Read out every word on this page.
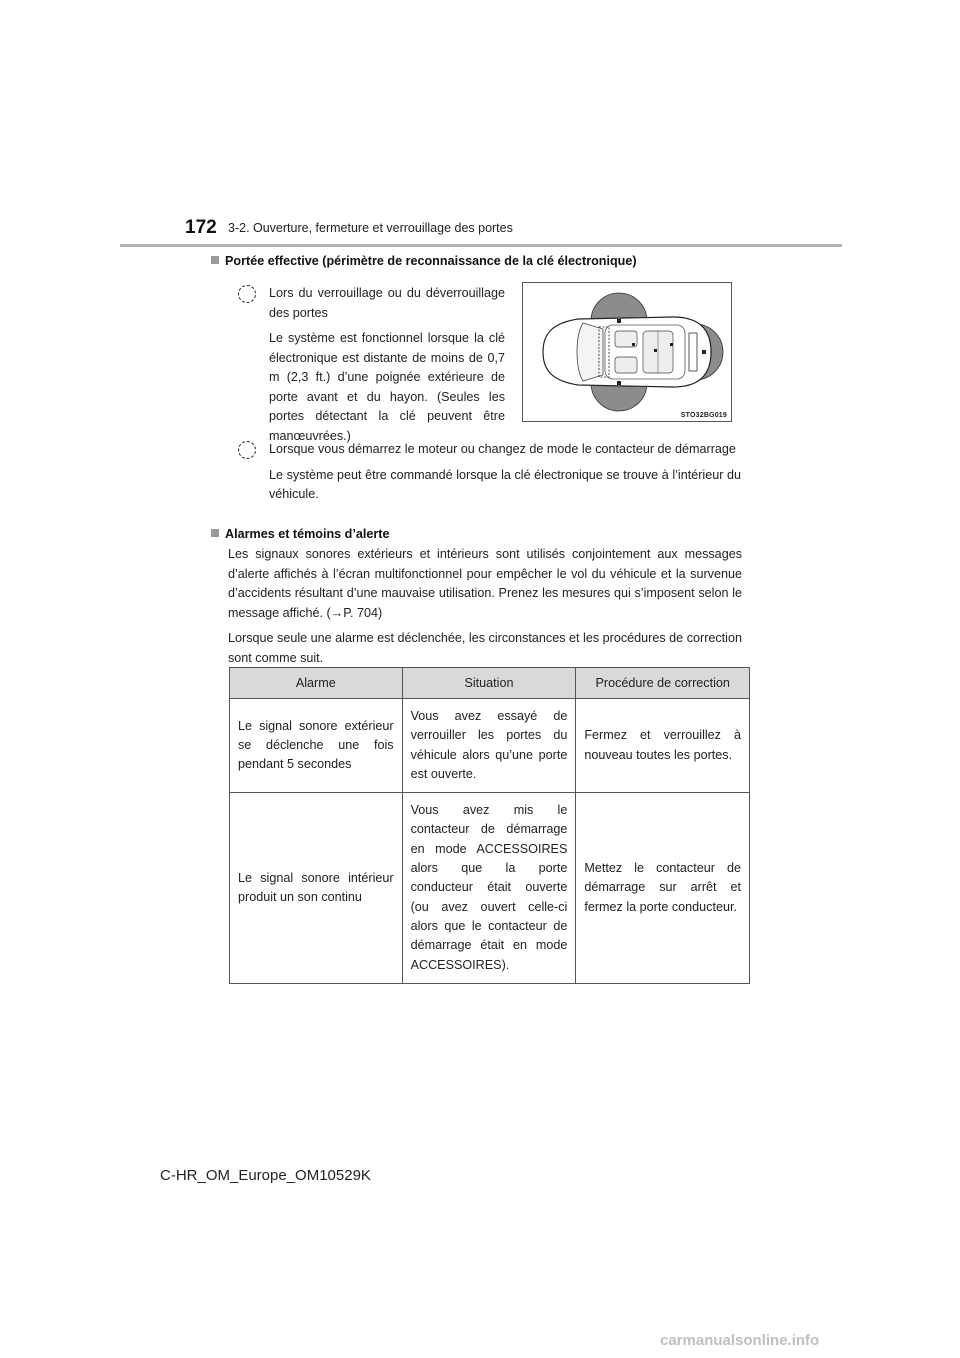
172 3-2. Ouverture, fermeture et verrouillage des portes
Portée effective (périmètre de reconnaissance de la clé électronique)

Lors du verrouillage ou du déverrouillage des portes

Le système est fonctionnel lorsque la clé électronique est distante de moins de 0,7 m (2,3 ft.) d’une poignée extérieure de porte avant et du hayon. (Seules les portes détectant la clé peuvent être manœuvrées.)

STO32BG019

Lorsque vous démarrez le moteur ou changez de mode le contacteur de démarrage

Le système peut être commandé lorsque la clé électronique se trouve à l’intérieur du véhicule.

Alarmes et témoins d’alerte

Les signaux sonores extérieurs et intérieurs sont utilisés conjointement aux messages d’alerte affichés à l’écran multifonctionnel pour empêcher le vol du véhicule et la survenue d’accidents résultant d’une mauvaise utilisation. Prenez les mesures qui s’imposent selon le message affiché. (→P. 704)

Lorsque seule une alarme est déclenchée, les circonstances et les procédures de correction sont comme suit.

Alarme	Situation	Procédure de correction
Le signal sonore extérieur se déclenche une fois pendant 5 secondes	Vous avez essayé de verrouiller les portes du véhicule alors qu’une porte est ouverte.	Fermez et verrouillez à nouveau toutes les portes.
Le signal sonore intérieur produit un son continu	Vous avez mis le contacteur de démarrage en mode ACCESSOIRES alors que la porte conducteur était ouverte (ou avez ouvert celle-ci alors que le contacteur de démarrage était en mode ACCESSOIRES).	Mettez le contacteur de démarrage sur arrêt et fermez la porte conducteur.
C-HR_OM_Europe_OM10529K
carmanualsonline.info
